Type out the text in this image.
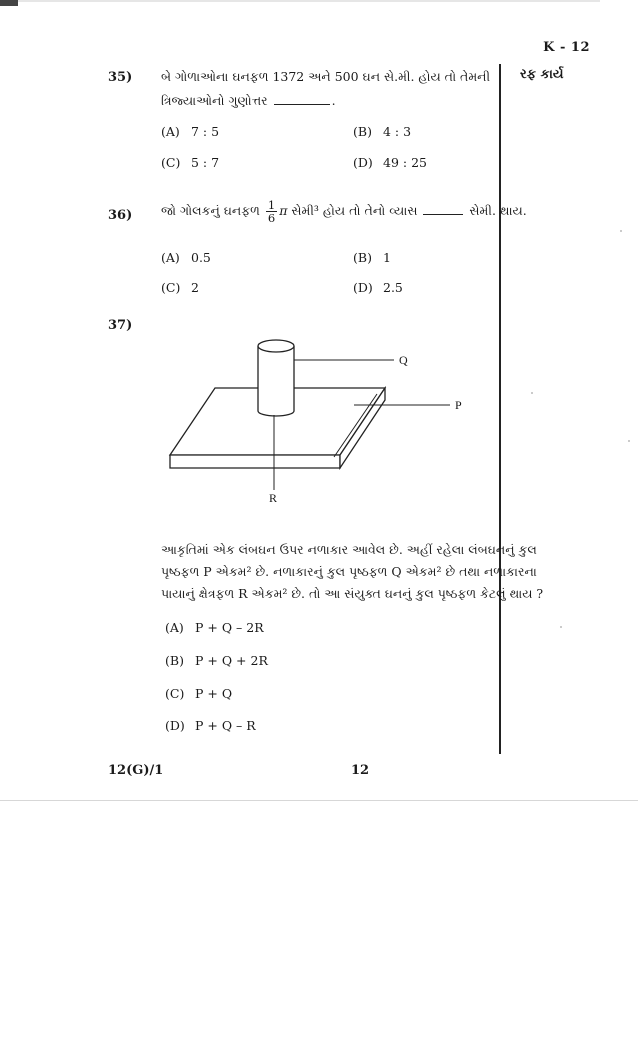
K - 12
રફ કાર્ય
35) બે ગોળાઓના ઘનફળ 1372 અને 500 ઘન સે.મી. હોય તો તેમની
ત્રિજ્યાઓનો ગુણોત્તર	.
(A) 7 : 5	(B) 4 : 3
(C) 5 : 7	(D) 49 : 25
36) જો ગોલકનું ઘનફળ $\frac{1}{6}$ π સેમી³ હોય તો તેનો વ્યાસ	સેમી. થાય.
(A) 0.5	(B) 1
(C) 2	(D) 2.5
37)
Q
P
R
આકૃતિમાં એક લંબઘન ઉપર નળાકાર આવેલ છે. અહીં રહેલા લંબઘનનું કુલ
પૃષ્ઠફળ P એકમ² છે. નળાકારનું કુલ પૃષ્ઠફળ Q એકમ² છે તથા નળાકારના
પાયાનું ક્ષેત્રફળ R એકમ² છે. તો આ સંયુક્ત ઘનનું કુલ પૃષ્ઠફળ કેટલું થાય ?
(A) P + Q – 2R
(B) P + Q + 2R
(C) P + Q
(D) P + Q – R
12(G)/1	12
